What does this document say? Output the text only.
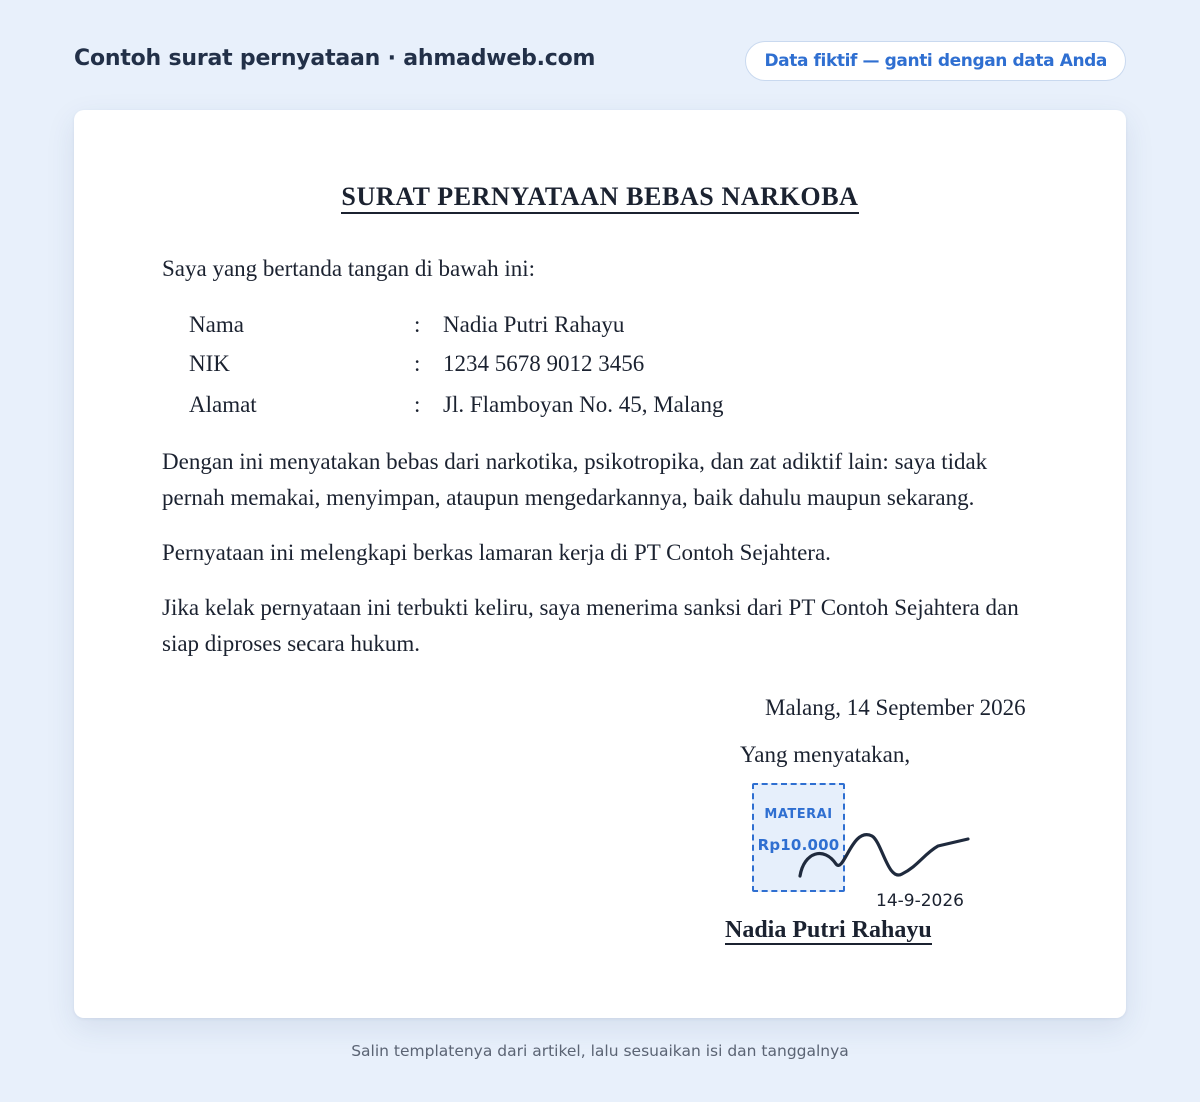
Contoh surat pernyataan · ahmadweb.com	Data fiktif — ganti dengan data Anda
SURAT PERNYATAAN BEBAS NARKOBA
Saya yang bertanda tangan di bawah ini:
Nama	: Nadia Putri Rahayu
NIK	: 1234 5678 9012 3456
Alamat	: Jl. Flamboyan No. 45, Malang
Dengan ini menyatakan bebas dari narkotika, psikotropika, dan zat adiktif lain: saya tidak pernah memakai, menyimpan, ataupun mengedarkannya, baik dahulu maupun sekarang.
Pernyataan ini melengkapi berkas lamaran kerja di PT Contoh Sejahtera.
Jika kelak pernyataan ini terbukti keliru, saya menerima sanksi dari PT Contoh Sejahtera dan siap diproses secara hukum.
Malang, 14 September 2026
Yang menyatakan,
MATERAI
Rp10.000
14-9-2026
Nadia Putri Rahayu
Salin templatenya dari artikel, lalu sesuaikan isi dan tanggalnya
